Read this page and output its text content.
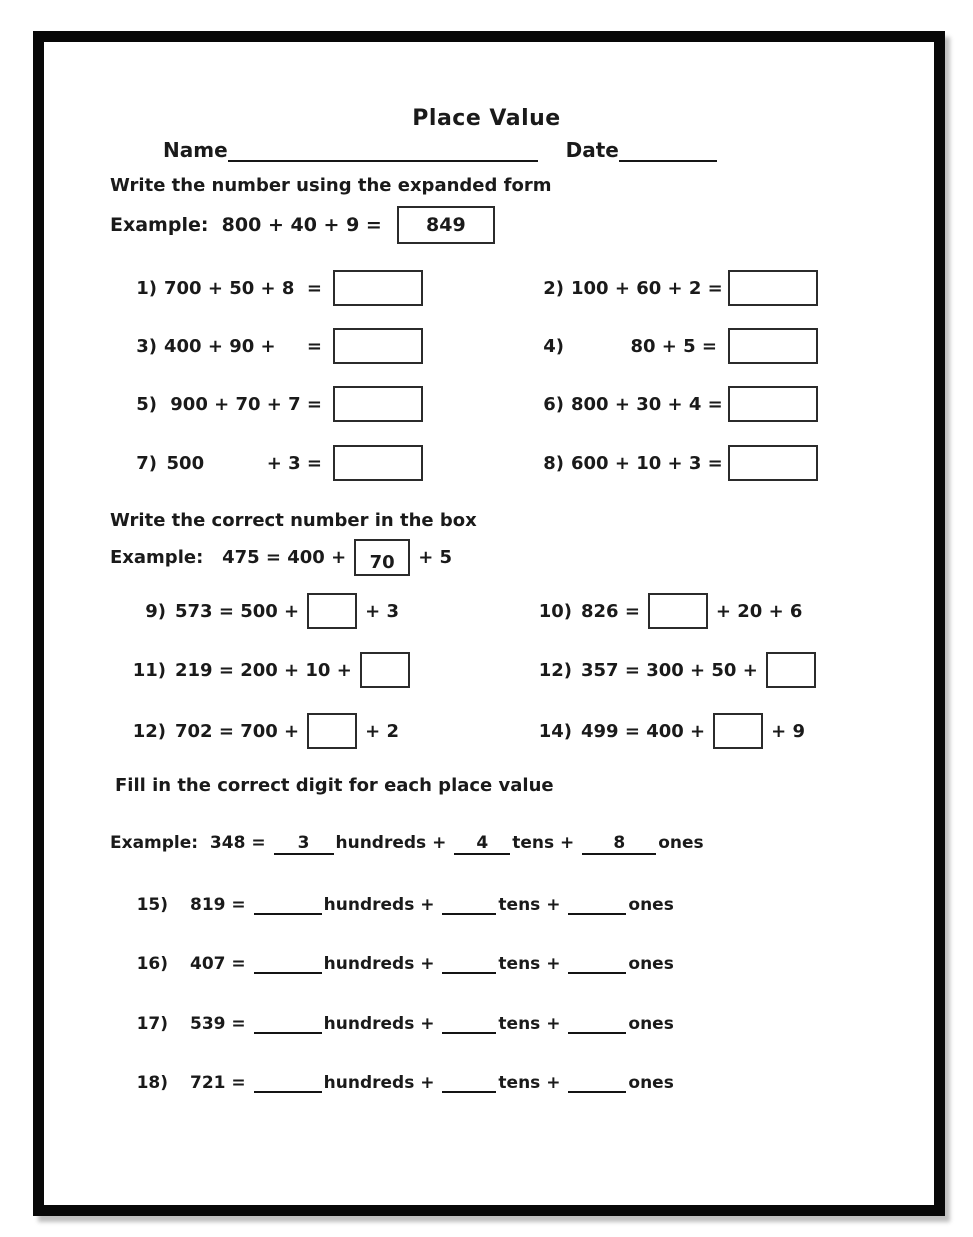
Place Value
Name	Date
Write the number using the expanded form
Example:  800 + 40 + 9 = 849
1) 700 + 50 + 8  =	2) 100 + 60 + 2 =
3) 400 + 90 +     =	4)	80 + 5 =
5) 900 + 70 + 7 =	6) 800 + 30 + 4 =
7) 500          + 3 =	8) 600 + 10 + 3 =
Write the correct number in the box
Example:   475 = 400 + 70 + 5
9) 573 = 500 +	+ 3	10) 826 =	+ 20 + 6
11) 219 = 200 + 10 +	12) 357 = 300 + 50 +
12) 702 = 700 +	+ 2	14) 499 = 400 +	+ 9
Fill in the correct digit for each place value
Example:  348 = 3 hundreds + 4 tens + 8 ones
15) 819 =	hundreds +	tens +	ones
16) 407 =	hundreds +	tens +	ones
17) 539 =	hundreds +	tens +	ones
18) 721 =	hundreds +	tens +	ones
